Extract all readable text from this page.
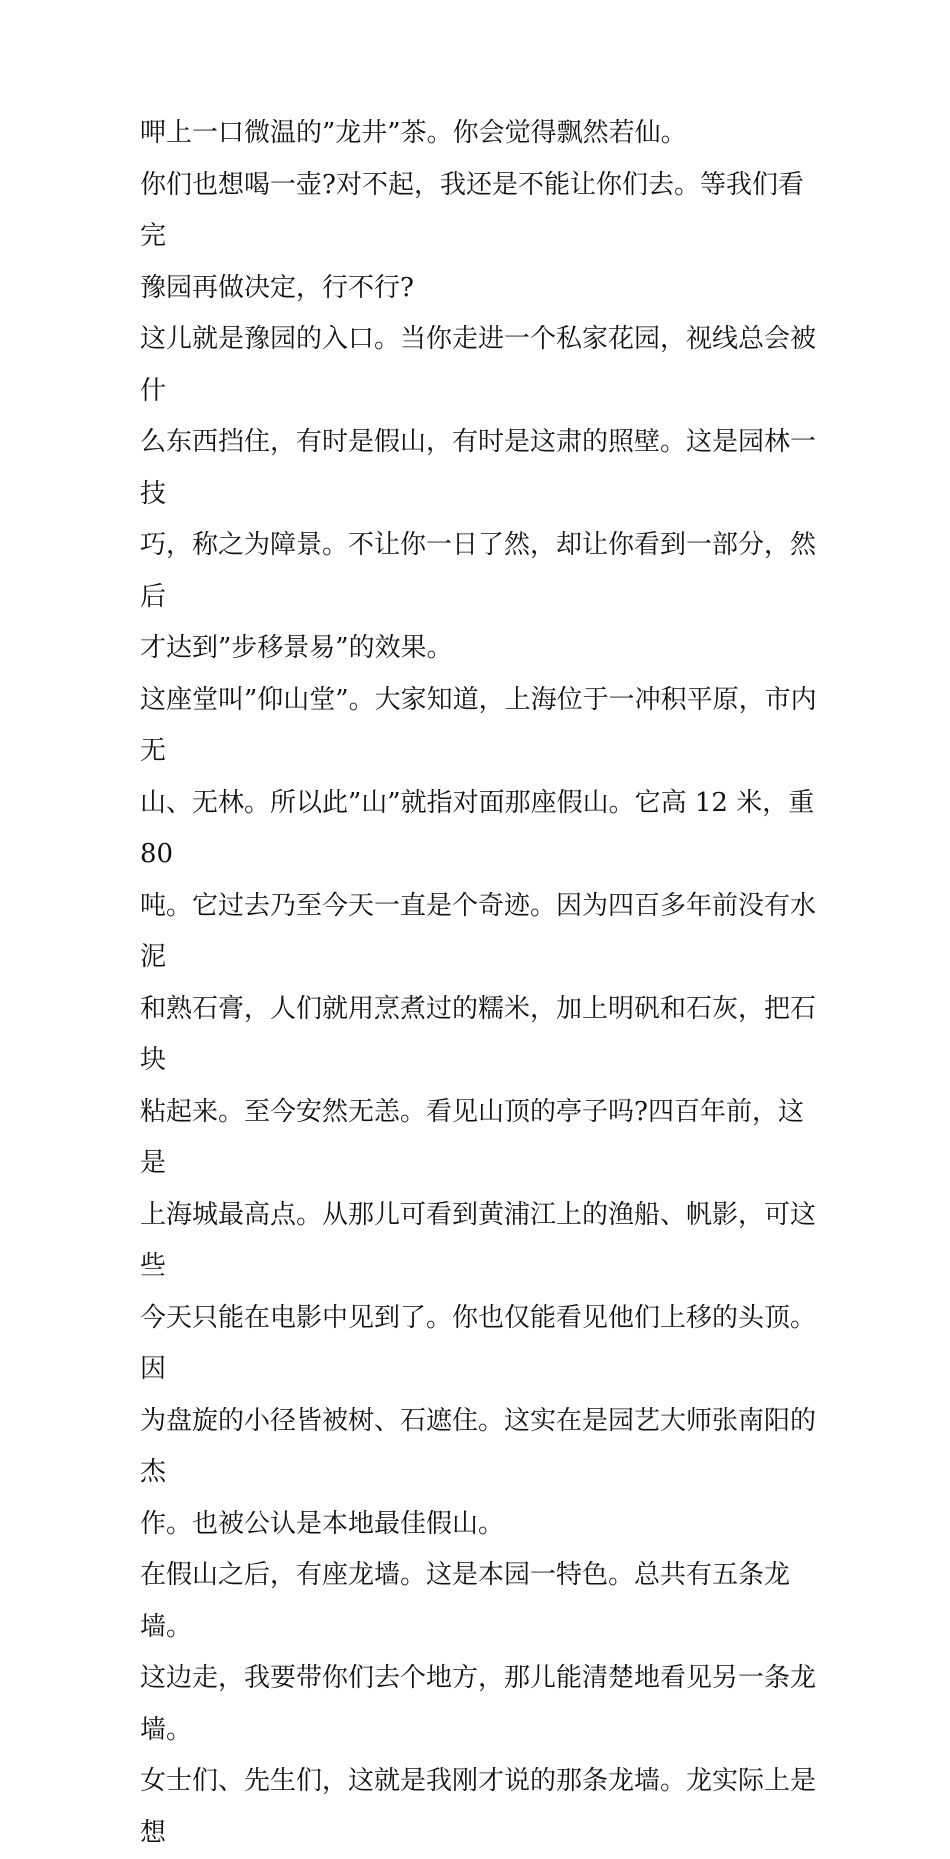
呷上一口微温的”龙井”茶。你会觉得飘然若仙。

你们也想喝一壶?对不起，我还是不能让你们去。等我们看完
豫园再做决定，行不行?

这儿就是豫园的入口。当你走进一个私家花园，视线总会被什
么东西挡住，有时是假山，有时是这肃的照壁。这是园林一技
巧，称之为障景。不让你一日了然，却让你看到一部分，然后
才达到”步移景易”的效果。

这座堂叫”仰山堂”。大家知道，上海位于一冲积平原，市内无
山、无林。所以此”山”就指对面那座假山。它高 12 米，重 80
吨。它过去乃至今天一直是个奇迹。因为四百多年前没有水泥
和熟石膏，人们就用烹煮过的糯米，加上明矾和石灰，把石块
粘起来。至今安然无恙。看见山顶的亭子吗?四百年前，这是
上海城最高点。从那儿可看到黄浦江上的渔船、帆影，可这些
今天只能在电影中见到了。你也仅能看见他们上移的头顶。因
为盘旋的小径皆被树、石遮住。这实在是园艺大师张南阳的杰
作。也被公认是本地最佳假山。

在假山之后，有座龙墙。这是本园一特色。总共有五条龙墙。
这边走，我要带你们去个地方，那儿能清楚地看见另一条龙
墙。

女士们、先生们，这就是我刚才说的那条龙墙。龙实际上是想
